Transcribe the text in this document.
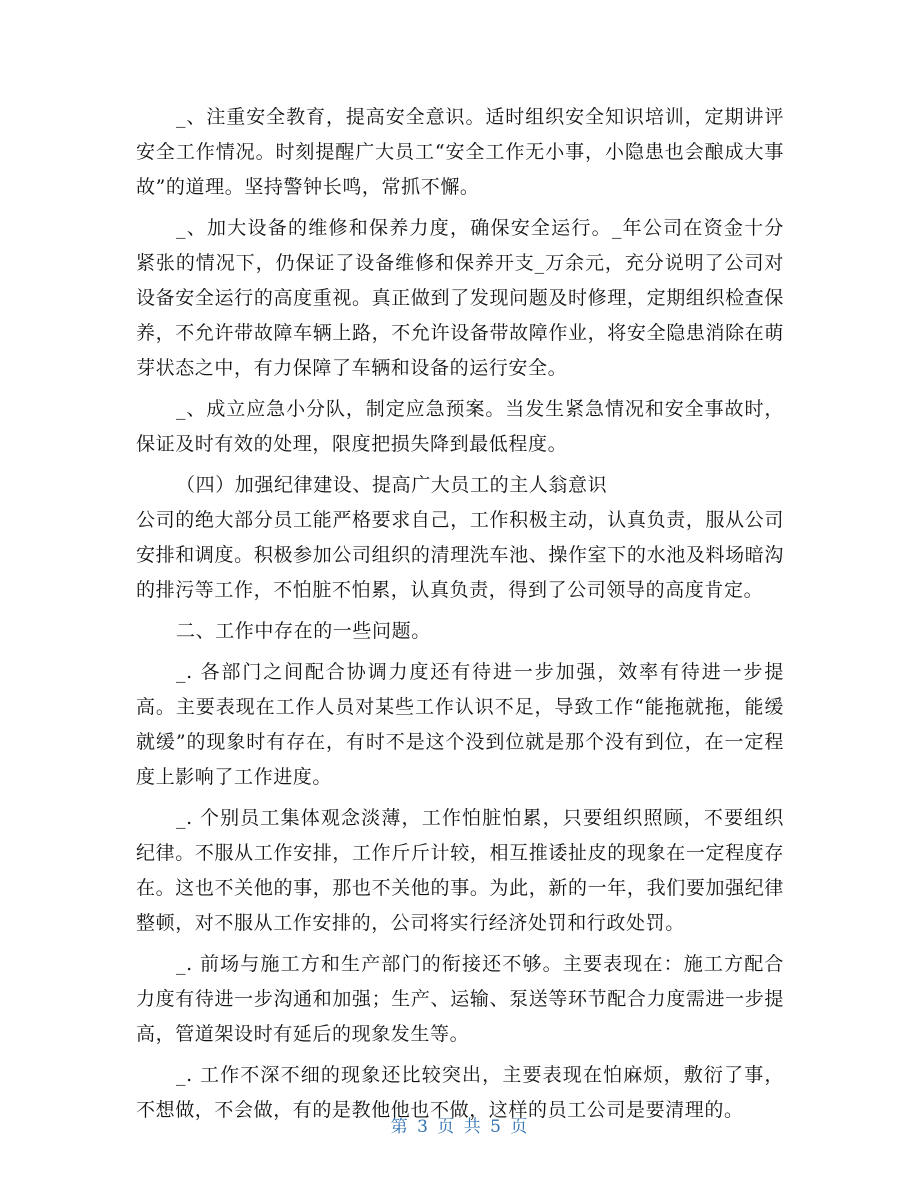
_、注重安全教育，提高安全意识。适时组织安全知识培训，定期讲评安全工作情况。时刻提醒广大员工“安全工作无小事，小隐患也会酿成大事故”的道理。坚持警钟长鸣，常抓不懈。

_、加大设备的维修和保养力度，确保安全运行。_年公司在资金十分紧张的情况下，仍保证了设备维修和保养开支_万余元，充分说明了公司对设备安全运行的高度重视。真正做到了发现问题及时修理，定期组织检查保养，不允许带故障车辆上路，不允许设备带故障作业，将安全隐患消除在萌芽状态之中，有力保障了车辆和设备的运行安全。

_、成立应急小分队，制定应急预案。当发生紧急情况和安全事故时，保证及时有效的处理，限度把损失降到最低程度。

（四）加强纪律建设、提高广大员工的主人翁意识

公司的绝大部分员工能严格要求自己，工作积极主动，认真负责，服从公司安排和调度。积极参加公司组织的清理洗车池、操作室下的水池及料场暗沟的排污等工作，不怕脏不怕累，认真负责，得到了公司领导的高度肯定。

二、工作中存在的一些问题。

_. 各部门之间配合协调力度还有待进一步加强，效率有待进一步提高。主要表现在工作人员对某些工作认识不足，导致工作“能拖就拖，能缓就缓”的现象时有存在，有时不是这个没到位就是那个没有到位，在一定程度上影响了工作进度。

_. 个别员工集体观念淡薄，工作怕脏怕累，只要组织照顾，不要组织纪律。不服从工作安排，工作斤斤计较，相互推诿扯皮的现象在一定程度存在。这也不关他的事，那也不关他的事。为此，新的一年，我们要加强纪律整顿，对不服从工作安排的，公司将实行经济处罚和行政处罚。

_. 前场与施工方和生产部门的衔接还不够。主要表现在：施工方配合力度有待进一步沟通和加强；生产、运输、泵送等环节配合力度需进一步提高，管道架设时有延后的现象发生等。

_. 工作不深不细的现象还比较突出，主要表现在怕麻烦，敷衍了事，不想做，不会做，有的是教他他也不做，这样的员工公司是要清理的。

第 3 页 共 5 页
